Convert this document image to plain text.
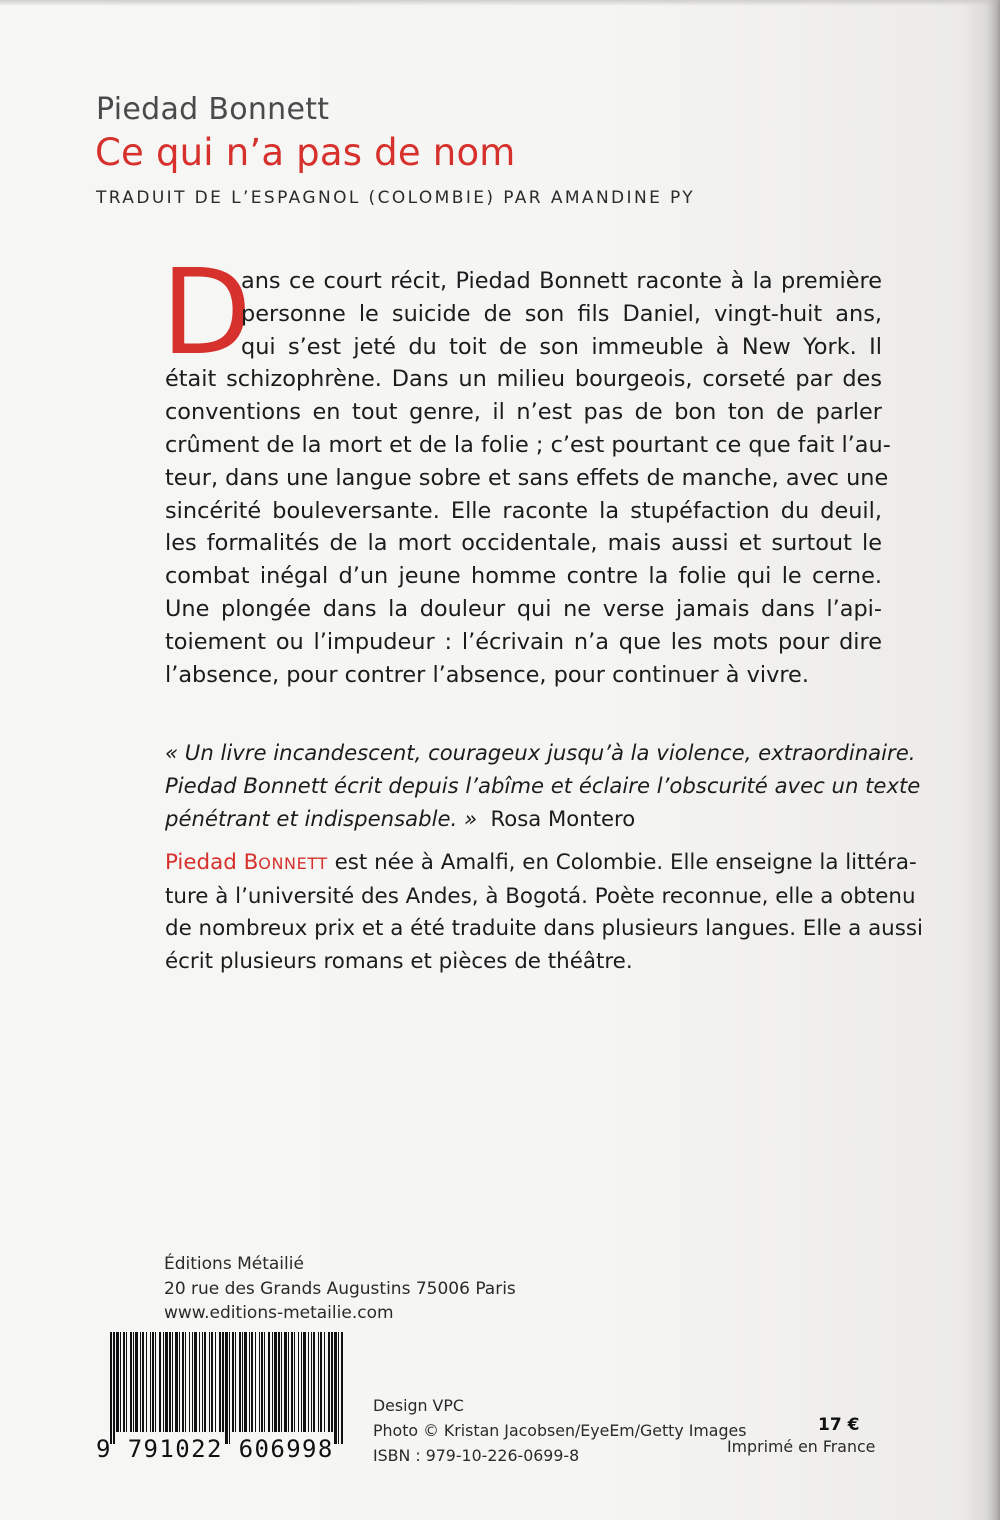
Piedad Bonnett
Ce qui n’a pas de nom
TRADUIT DE L’ESPAGNOL (COLOMBIE) PAR AMANDINE PY
D
ans ce court récit, Piedad Bonnett raconte à la première
personne le suicide de son fils Daniel, vingt-huit ans,
qui s’est jeté du toit de son immeuble à New York. Il
était schizophrène. Dans un milieu bourgeois, corseté par des
conventions en tout genre, il n’est pas de bon ton de parler
crûment de la mort et de la folie ; c’est pourtant ce que fait l’au-
teur, dans une langue sobre et sans effets de manche, avec une
sincérité bouleversante. Elle raconte la stupéfaction du deuil,
les formalités de la mort occidentale, mais aussi et surtout le
combat inégal d’un jeune homme contre la folie qui le cerne.
Une plongée dans la douleur qui ne verse jamais dans l’api-
toiement ou l’impudeur : l’écrivain n’a que les mots pour dire
l’absence, pour contrer l’absence, pour continuer à vivre.
« Un livre incandescent, courageux jusqu’à la violence, extraordinaire.
Piedad Bonnett écrit depuis l’abîme et éclaire l’obscurité avec un texte
pénétrant et indispensable. » Rosa Montero
Piedad BONNETT est née à Amalfi, en Colombie. Elle enseigne la littéra-
ture à l’université des Andes, à Bogotá. Poète reconnue, elle a obtenu
de nombreux prix et a été traduite dans plusieurs langues. Elle a aussi
écrit plusieurs romans et pièces de théâtre.
Éditions Métailié
20 rue des Grands Augustins 75006 Paris
www.editions-metailie.com
9 791022 606998
Design VPC
Photo © Kristan Jacobsen/EyeEm/Getty Images
ISBN : 979-10-226-0699-8
17 €
Imprimé en France
